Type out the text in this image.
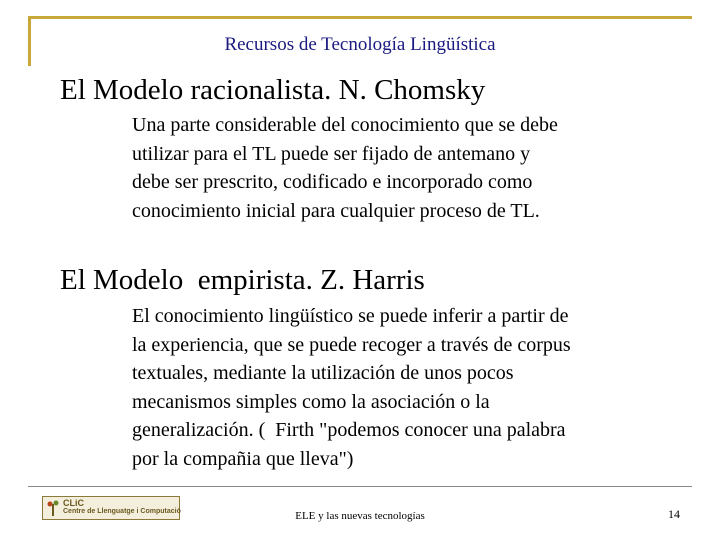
Recursos de Tecnología Lingüística
El Modelo racionalista. N. Chomsky
Una parte considerable del conocimiento que se debe
utilizar para el TL puede ser fijado de antemano y
debe ser prescrito, codificado e incorporado como
conocimiento inicial para cualquier proceso de TL.
El Modelo  empirista. Z. Harris
El conocimiento lingüístico se puede inferir a partir de
la experiencia, que se puede recoger a través de corpus
textuales, mediante la utilización de unos pocos
mecanismos simples como la asociación o la
generalización. (  Firth "podemos conocer una palabra
por la compañia que lleva")
CLiC
Centre de Llenguatge i Computació	ELE y las nuevas tecnologías	14
